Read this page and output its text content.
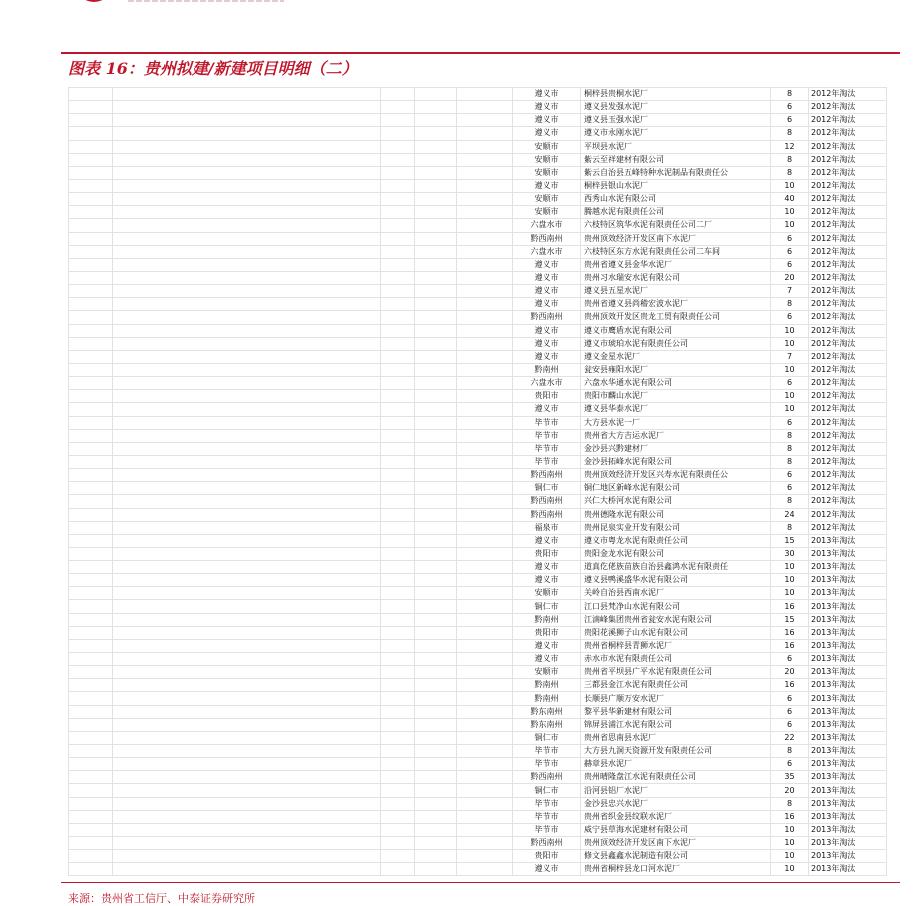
图表 16：贵州拟建/新建项目明细（二）
					遵义市	桐梓县贵桐水泥厂	8	2012年淘汰
					遵义市	遵义县发强水泥厂	6	2012年淘汰
					遵义市	遵义县玉强水泥厂	6	2012年淘汰
					遵义市	遵义市永刚水泥厂	8	2012年淘汰
					安顺市	平坝县水泥厂	12	2012年淘汰
					安顺市	紫云至祥建材有限公司	8	2012年淘汰
					安顺市	紫云自治县五峰特种水泥制品有限责任公	8	2012年淘汰
					遵义市	桐梓县银山水泥厂	10	2012年淘汰
					安顺市	西秀山水泥有限公司	40	2012年淘汰
					安顺市	腾越水泥有限责任公司	10	2012年淘汰
					六盘水市	六枝特区筑华水泥有限责任公司二厂	10	2012年淘汰
					黔西南州	贵州顶效经济开发区南下水泥厂	6	2012年淘汰
					六盘水市	六枝特区东方水泥有限责任公司二车间	6	2012年淘汰
					遵义市	贵州省遵义县金华水泥厂	6	2012年淘汰
					遵义市	贵州习水瑞安水泥有限公司	20	2012年淘汰
					遵义市	遵义县五星水泥厂	7	2012年淘汰
					遵义市	贵州省遵义县尚稽宏波水泥厂	8	2012年淘汰
					黔西南州	贵州顶效开发区贵龙工贸有限责任公司	6	2012年淘汰
					遵义市	遵义市鹰盾水泥有限公司	10	2012年淘汰
					遵义市	遵义市琥珀水泥有限责任公司	10	2012年淘汰
					遵义市	遵义金星水泥厂	7	2012年淘汰
					黔南州	瓮安县雍阳水泥厂	10	2012年淘汰
					六盘水市	六盘水华通水泥有限公司	6	2012年淘汰
					贵阳市	贵阳市麟山水泥厂	10	2012年淘汰
					遵义市	遵义县华泰水泥厂	10	2012年淘汰
					毕节市	大方县水泥一厂	6	2012年淘汰
					毕节市	贵州省大方吉运水泥厂	8	2012年淘汰
					毕节市	金沙县兴黔建材厂	8	2012年淘汰
					毕节市	金沙县拓峰水泥有限公司	8	2012年淘汰
					黔西南州	贵州顶效经济开发区兴寿水泥有限责任公	6	2012年淘汰
					铜仁市	铜仁地区新峰水泥有限公司	6	2012年淘汰
					黔西南州	兴仁大桥河水泥有限公司	8	2012年淘汰
					黔西南州	贵州德隆水泥有限公司	24	2012年淘汰
					福泉市	贵州昆泉实业开发有限公司	8	2012年淘汰
					遵义市	遵义市粤龙水泥有限责任公司	15	2013年淘汰
					贵阳市	贵阳金龙水泥有限公司	30	2013年淘汰
					遵义市	道真仡佬族苗族自治县鑫鸿水泥有限责任	10	2013年淘汰
					遵义市	遵义县鸭溪盛华水泥有限公司	10	2013年淘汰
					安顺市	关岭自治县西南水泥厂	10	2013年淘汰
					铜仁市	江口县梵净山水泥有限公司	16	2013年淘汰
					黔南州	江湳峰集团贵州省瓮安水泥有限公司	15	2013年淘汰
					贵阳市	贵阳花溪狮子山水泥有限公司	16	2013年淘汰
					遵义市	贵州省桐梓县青狮水泥厂	16	2013年淘汰
					遵义市	赤水市水泥有限责任公司	6	2013年淘汰
					安顺市	贵州省平坝县广平水泥有限责任公司	20	2013年淘汰
					黔南州	三都县金江水泥有限责任公司	16	2013年淘汰
					黔南州	长顺县广顺万安水泥厂	6	2013年淘汰
					黔东南州	黎平县华新建材有限公司	6	2013年淘汰
					黔东南州	锦屏县浦江水泥有限公司	6	2013年淘汰
					铜仁市	贵州省思南县水泥厂	22	2013年淘汰
					毕节市	大方县九洞天资源开发有限责任公司	8	2013年淘汰
					毕节市	赫章县水泥厂	6	2013年淘汰
					黔西南州	贵州晴隆盘江水泥有限责任公司	35	2013年淘汰
					铜仁市	沿河县铝厂水泥厂	20	2013年淘汰
					毕节市	金沙县忠兴水泥厂	8	2013年淘汰
					毕节市	贵州省织金县纹联水泥厂	16	2013年淘汰
					毕节市	威宁县草海水泥建材有限公司	10	2013年淘汰
					黔西南州	贵州顶效经济开发区南下水泥厂	10	2013年淘汰
					贵阳市	修文县鑫鑫水泥制造有限公司	10	2013年淘汰
					遵义市	贵州省桐梓县龙口河水泥厂	10	2013年淘汰
来源：贵州省工信厅、中泰证券研究所
